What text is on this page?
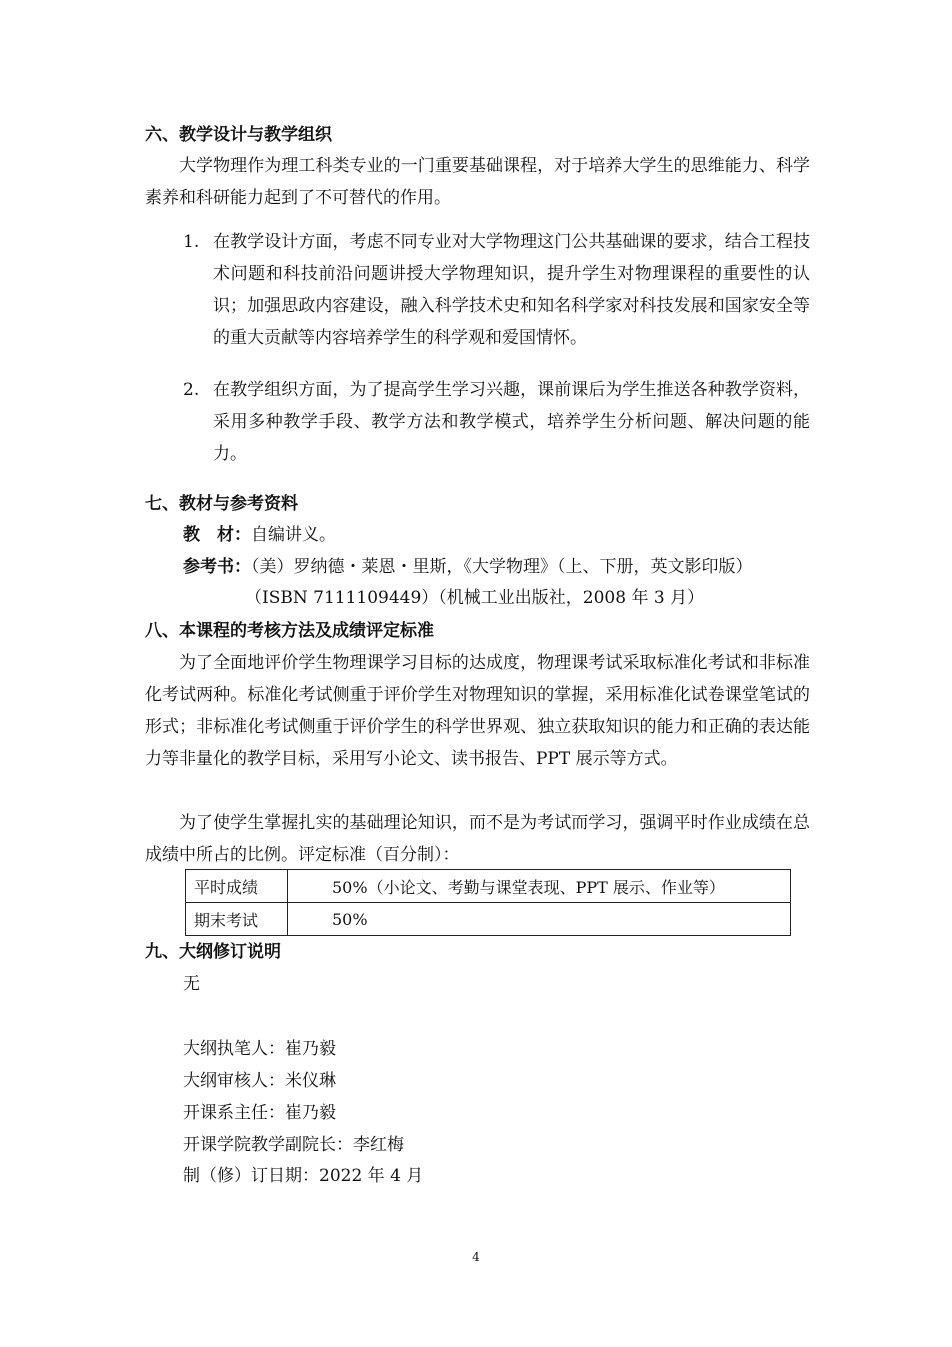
六、教学设计与教学组织

大学物理作为理工科类专业的一门重要基础课程，对于培养大学生的思维能力、科学素养和科研能力起到了不可替代的作用。

1. 在教学设计方面，考虑不同专业对大学物理这门公共基础课的要求，结合工程技术问题和科技前沿问题讲授大学物理知识，提升学生对物理课程的重要性的认识；加强思政内容建设，融入科学技术史和知名科学家对科技发展和国家安全等的重大贡献等内容培养学生的科学观和爱国情怀。
2. 在教学组织方面，为了提高学生学习兴趣，课前课后为学生推送各种教学资料，采用多种教学手段、教学方法和教学模式，培养学生分析问题、解决问题的能力。
七、教材与参考资料
教　材：自编讲义。
参考书：（美）罗纳德・莱恩・里斯，《大学物理》（上、下册，英文影印版）
（ISBN 7111109449）（机械工业出版社，2008 年 3 月）
八、本课程的考核方法及成绩评定标准

为了全面地评价学生物理课学习目标的达成度，物理课考试采取标准化考试和非标准化考试两种。标准化考试侧重于评价学生对物理知识的掌握，采用标准化试卷课堂笔试的形式；非标准化考试侧重于评价学生的科学世界观、独立获取知识的能力和正确的表达能力等非量化的教学目标，采用写小论文、读书报告、PPT 展示等方式。

为了使学生掌握扎实的基础理论知识，而不是为考试而学习，强调平时作业成绩在总成绩中所占的比例。评定标准（百分制）：

平时成绩	50%（小论文、考勤与课堂表现、PPT 展示、作业等）
期末考试	50%
九、大纲修订说明
无
大纲执笔人：崔乃毅
大纲审核人：米仪琳
开课系主任：崔乃毅
开课学院教学副院长：李红梅
制（修）订日期：2022 年 4 月
4
